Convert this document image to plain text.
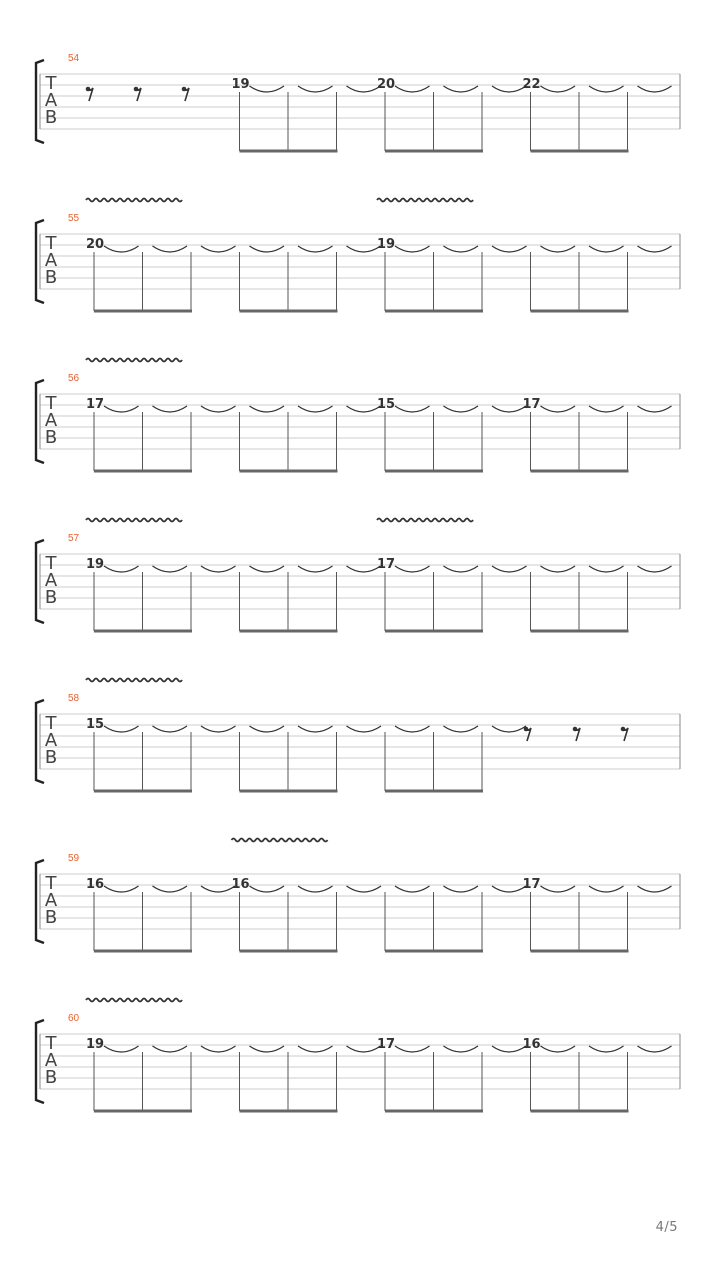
54
T
A
B
19	20	22
55
T
A
B
20	19
56
T
A
B
17	15	17
57
T
A
B
19	17
58
T
A
B
15
59
T
A
B
16	16	17
60
T
A
B
19	17	16
4/5
